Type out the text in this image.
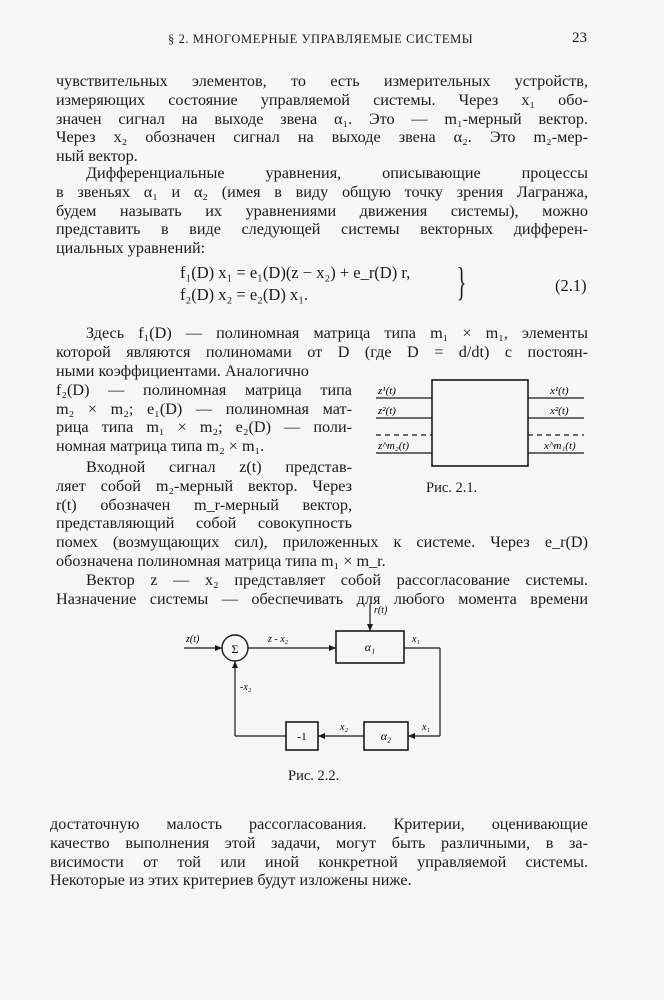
§ 2. МНОГОМЕРНЫЕ УПРАВЛЯЕМЫЕ СИСТЕМЫ	23
чувствительных элементов, то есть измерительных устройств,
измеряющих состояние управляемой системы. Через x₁ обо-
значен сигнал на выходе звена α₁. Это — m₁-мерный вектор.
Через x₂ обозначен сигнал на выходе звена α₂. Это m₂-мер-
ный вектор.
Дифференциальные уравнения, описывающие процессы
в звеньях α₁ и α₂ (имея в виду общую точку зрения Лагранжа,
будем называть их уравнениями движения системы), можно
представить в виде следующей системы векторных дифферен-
циальных уравнений:
f₁(D) x₁ = e₁(D)(z − x₂) + e_r(D) r,
f₂(D) x₂ = e₂(D) x₁.	}	(2.1)
Здесь f₁(D) — полиномная матрица типа m₁ × m₁, элементы
которой являются полиномами от D (где D = d/dt) с постоян-
ными коэффициентами. Аналогично
f₂(D) — полиномная матрица типа
m₂ × m₂; e₁(D) — полиномная мат-
рица типа m₁ × m₂; e₂(D) — поли-
номная матрица типа m₂ × m₁.
Входной сигнал z(t) представ-
ляет собой m₂-мерный вектор. Через
r(t) обозначен m_r-мерный вектор,
представляющий собой совокупность
помех (возмущающих сил), приложенных к системе. Через e_r(D)
обозначена полиномная матрица типа m₁ × m_r.
Вектор z — x₂ представляет собой рассогласование системы.
Назначение системы — обеспечивать для любого момента времени
z¹(t)
z²(t)
z^m₂(t)
x¹(t)
x²(t)
x^m₁(t)
Рис. 2.1.
z(t)
Σ
z - x₂
α₁
r(t)
x₁
x₁
α₂
x₂
-1
-x₂
Рис. 2.2.
достаточную малость рассогласования. Критерии, оценивающие
качество выполнения этой задачи, могут быть различными, в за-
висимости от той или иной конкретной управляемой системы.
Некоторые из этих критериев будут изложены ниже.
